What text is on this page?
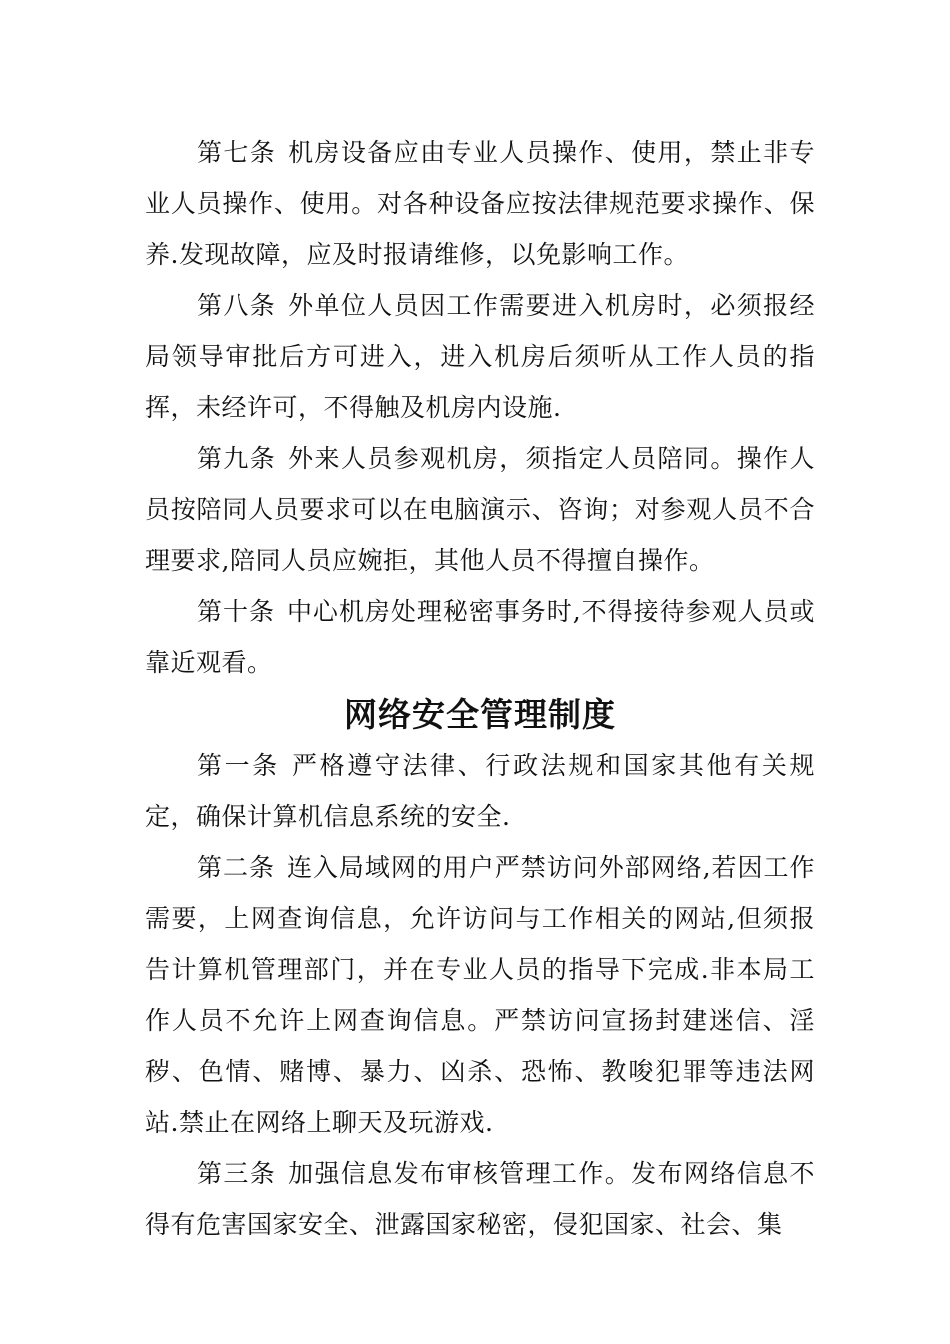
第七条 机房设备应由专业人员操作、使用，禁止非专业人员操作、使用。对各种设备应按法律规范要求操作、保养.发现故障，应及时报请维修，以免影响工作。

第八条 外单位人员因工作需要进入机房时，必须报经局领导审批后方可进入，进入机房后须听从工作人员的指挥，未经许可，不得触及机房内设施.

第九条 外来人员参观机房，须指定人员陪同。操作人员按陪同人员要求可以在电脑演示、咨询；对参观人员不合理要求,陪同人员应婉拒，其他人员不得擅自操作。

第十条 中心机房处理秘密事务时,不得接待参观人员或靠近观看。

网络安全管理制度

第一条 严格遵守法律、行政法规和国家其他有关规定，确保计算机信息系统的安全.

第二条 连入局域网的用户严禁访问外部网络,若因工作需要，上网查询信息，允许访问与工作相关的网站,但须报告计算机管理部门，并在专业人员的指导下完成.非本局工作人员不允许上网查询信息。严禁访问宣扬封建迷信、淫秽、色情、赌博、暴力、凶杀、恐怖、教唆犯罪等违法网站.禁止在网络上聊天及玩游戏.

第三条 加强信息发布审核管理工作。发布网络信息不得有危害国家安全、泄露国家秘密，侵犯国家、社会、集
